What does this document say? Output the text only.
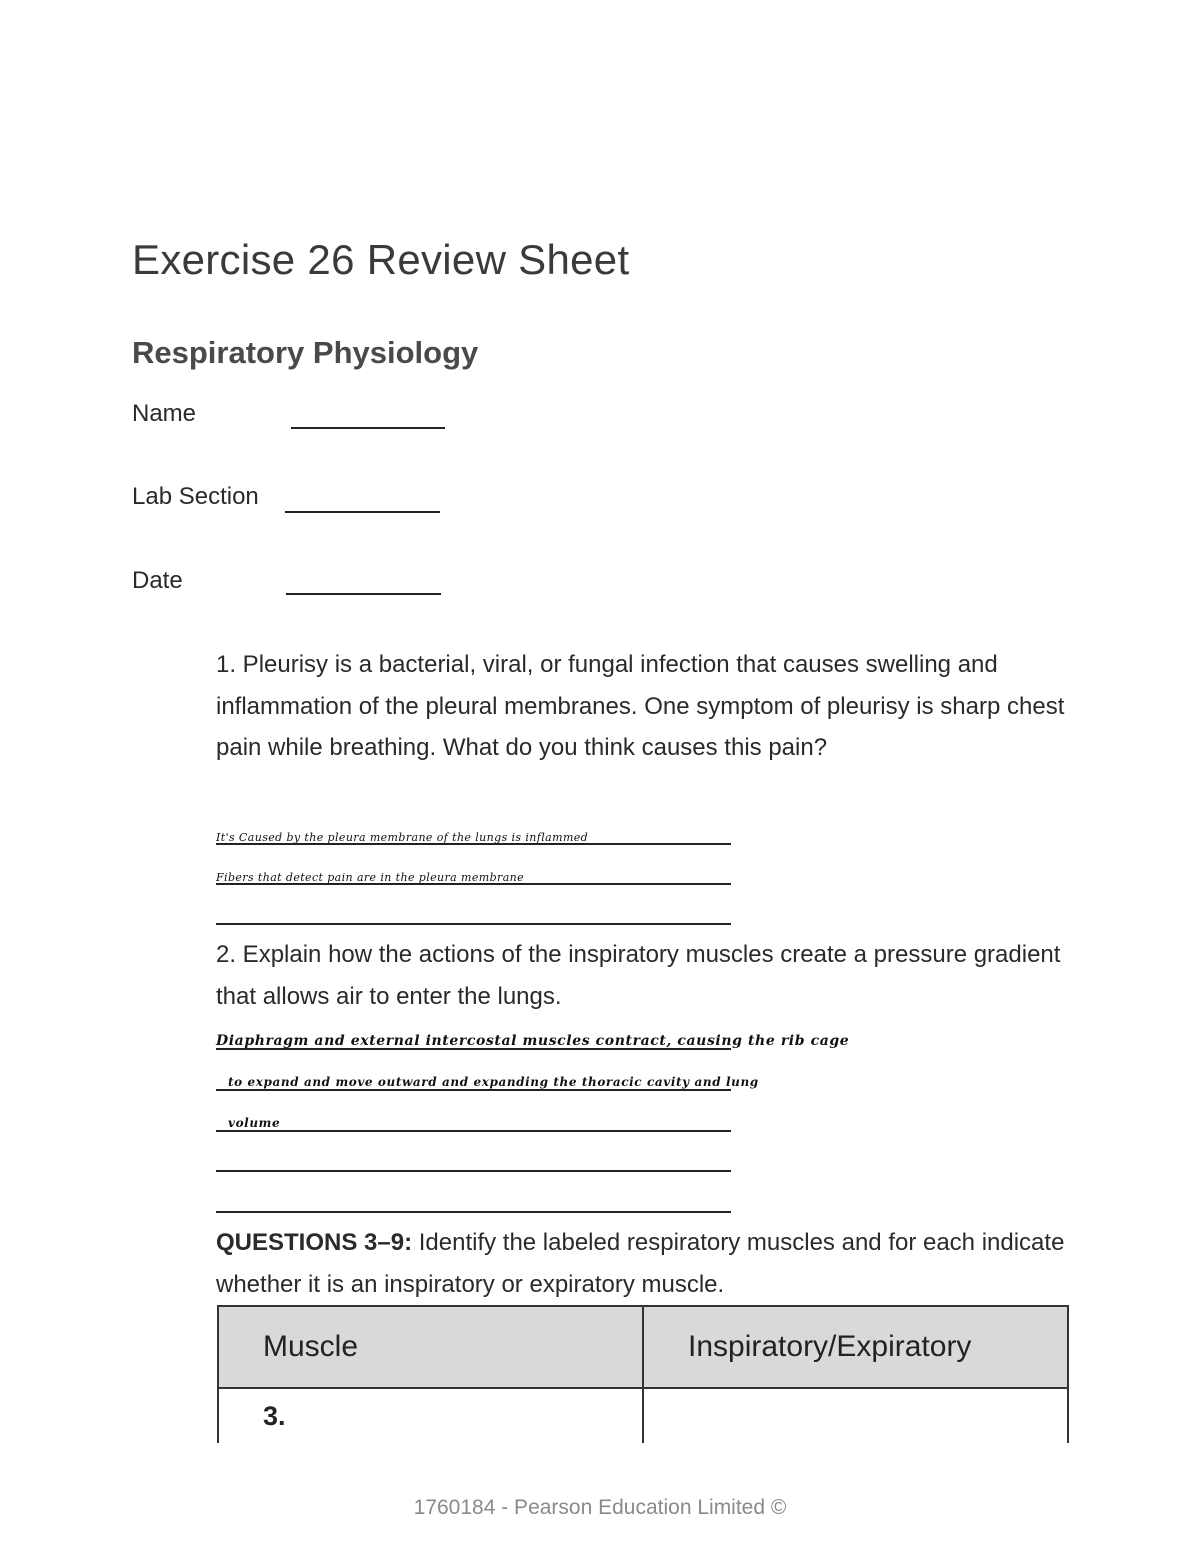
Exercise 26 Review Sheet
Respiratory Physiology
Name
Lab Section
Date
1. Pleurisy is a bacterial, viral, or fungal infection that causes swelling and inflammation of the pleural membranes. One symptom of pleurisy is sharp chest pain while breathing. What do you think causes this pain?
It's Caused by the pleura membrane of the lungs is inflammed
Fibers that detect pain are in the pleura membrane
2. Explain how the actions of the inspiratory muscles create a pressure gradient that allows air to enter the lungs.
Diaphragm and external intercostal muscles contract, causing the rib cage
to expand and move outward and expanding the thoracic cavity and lung
volume
QUESTIONS 3–9: Identify the labeled respiratory muscles and for each indicate whether it is an inspiratory or expiratory muscle.
Muscle	Inspiratory/Expiratory
3.	
1760184 - Pearson Education Limited ©
